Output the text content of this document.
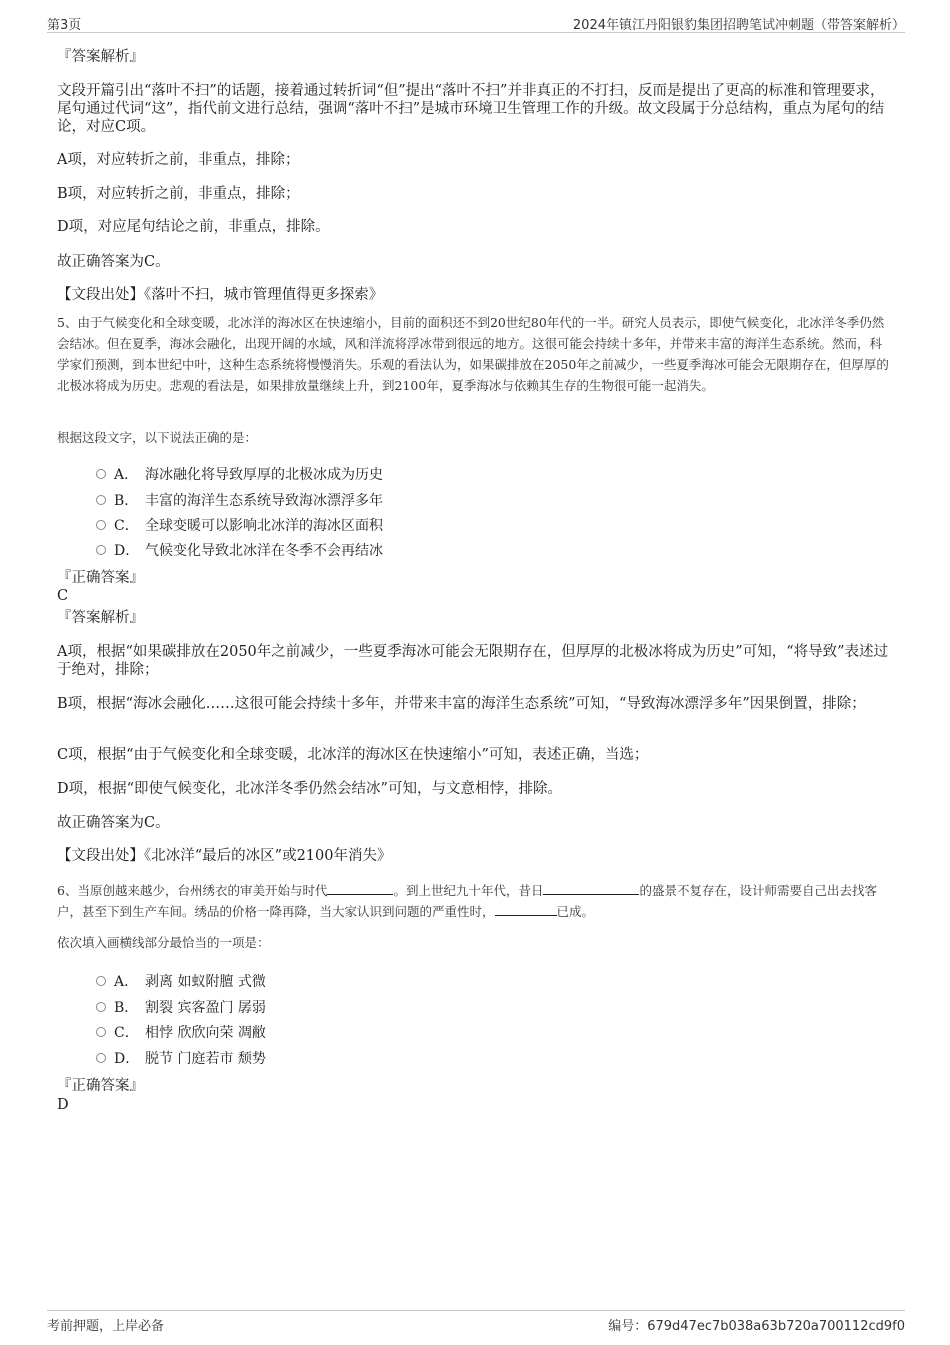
第3页	2024年镇江丹阳银豹集团招聘笔试冲刺题（带答案解析）
『答案解析』
文段开篇引出“落叶不扫”的话题，接着通过转折词“但”提出“落叶不扫”并非真正的不打扫，反而是提出了更高的标准和管理要求，尾句通过代词“这”，指代前文进行总结，强调“落叶不扫”是城市环境卫生管理工作的升级。故文段属于分总结构，重点为尾句的结论，对应C项。
A项，对应转折之前，非重点，排除；
B项，对应转折之前，非重点，排除；
D项，对应尾句结论之前，非重点，排除。
故正确答案为C。
【文段出处】《落叶不扫，城市管理值得更多探索》
5、由于气候变化和全球变暖，北冰洋的海冰区在快速缩小，目前的面积还不到20世纪80年代的一半。研究人员表示，即使气候变化，北冰洋冬季仍然会结冰。但在夏季，海冰会融化，出现开阔的水域，风和洋流将浮冰带到很远的地方。这很可能会持续十多年，并带来丰富的海洋生态系统。然而，科学家们预测，到本世纪中叶，这种生态系统将慢慢消失。乐观的看法认为，如果碳排放在2050年之前减少，一些夏季海冰可能会无限期存在，但厚厚的北极冰将成为历史。悲观的看法是，如果排放量继续上升，到2100年，夏季海冰与依赖其生存的生物很可能一起消失。
根据这段文字，以下说法正确的是：
A． 海冰融化将导致厚厚的北极冰成为历史
B． 丰富的海洋生态系统导致海冰漂浮多年
C． 全球变暖可以影响北冰洋的海冰区面积
D． 气候变化导致北冰洋在冬季不会再结冰
『正确答案』
C
『答案解析』
A项，根据“如果碳排放在2050年之前减少，一些夏季海冰可能会无限期存在，但厚厚的北极冰将成为历史”可知，“将导致”表述过于绝对，排除；
B项，根据“海冰会融化……这很可能会持续十多年，并带来丰富的海洋生态系统”可知，“导致海冰漂浮多年”因果倒置，排除；
C项，根据“由于气候变化和全球变暖，北冰洋的海冰区在快速缩小”可知，表述正确，当选；
D项，根据“即使气候变化，北冰洋冬季仍然会结冰”可知，与文意相悖，排除。
故正确答案为C。
【文段出处】《北冰洋“最后的冰区”或2100年消失》
6、当原创越来越少，台州绣衣的审美开始与时代	。到上世纪九十年代，昔日	的盛景不复存在，设计师需要自己出去找客户，甚至下到生产车间。绣品的价格一降再降，当大家认识到问题的严重性时，	已成。
依次填入画横线部分最恰当的一项是：
A． 剥离 如蚁附膻 式微
B． 割裂 宾客盈门 孱弱
C． 相悖 欣欣向荣 凋敝
D． 脱节 门庭若市 颓势
『正确答案』
D
考前押题，上岸必备	编号：679d47ec7b038a63b720a700112cd9f0
